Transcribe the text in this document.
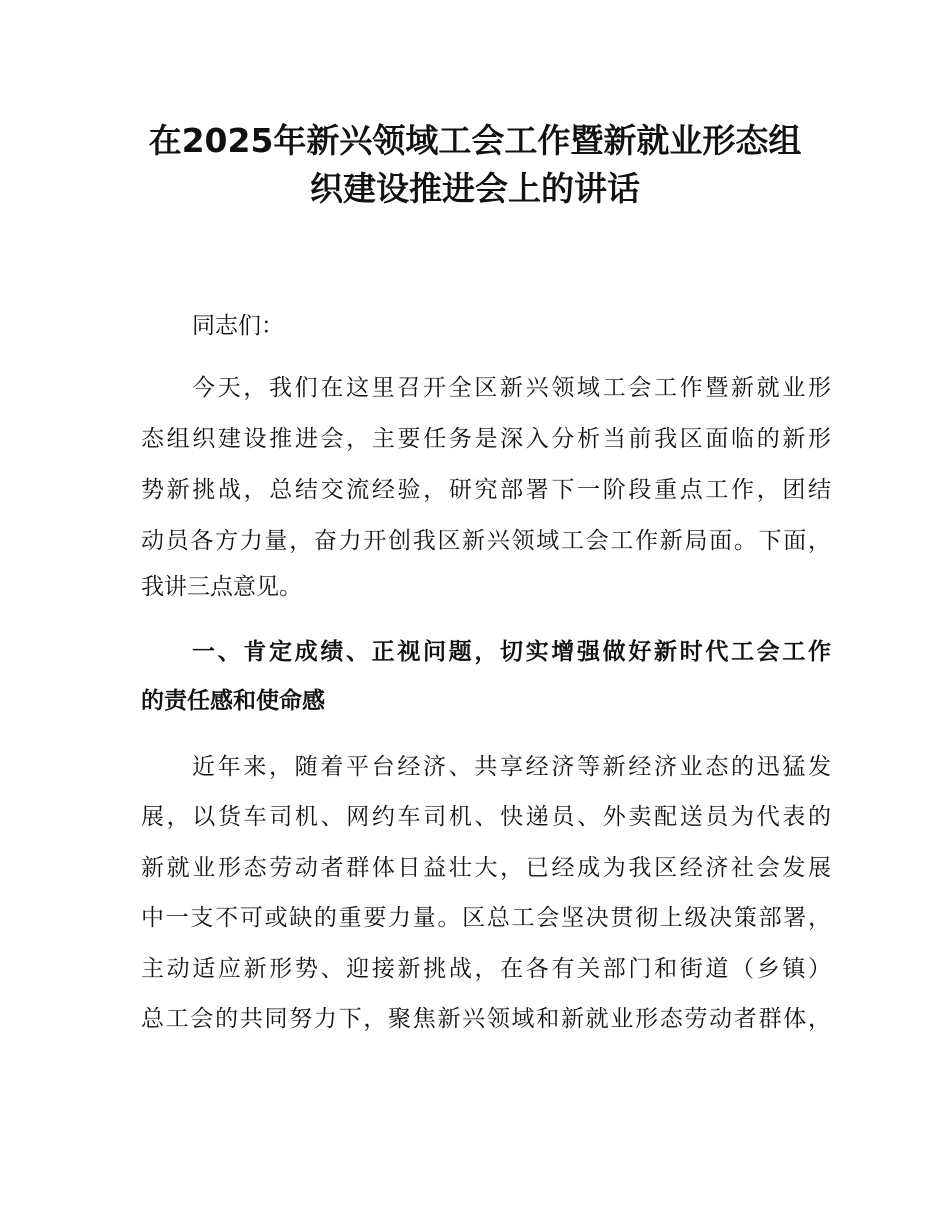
在2025年新兴领域工会工作暨新就业形态组
织建设推进会上的讲话

同志们：

今天，我们在这里召开全区新兴领域工会工作暨新就业形

态组织建设推进会，主要任务是深入分析当前我区面临的新形

势新挑战，总结交流经验，研究部署下一阶段重点工作，团结

动员各方力量，奋力开创我区新兴领域工会工作新局面。下面，

我讲三点意见。

一、肯定成绩、正视问题，切实增强做好新时代工会工作

的责任感和使命感

近年来，随着平台经济、共享经济等新经济业态的迅猛发

展，以货车司机、网约车司机、快递员、外卖配送员为代表的

新就业形态劳动者群体日益壮大，已经成为我区经济社会发展

中一支不可或缺的重要力量。区总工会坚决贯彻上级决策部署，

主动适应新形势、迎接新挑战，在各有关部门和街道（乡镇）

总工会的共同努力下，聚焦新兴领域和新就业形态劳动者群体，
